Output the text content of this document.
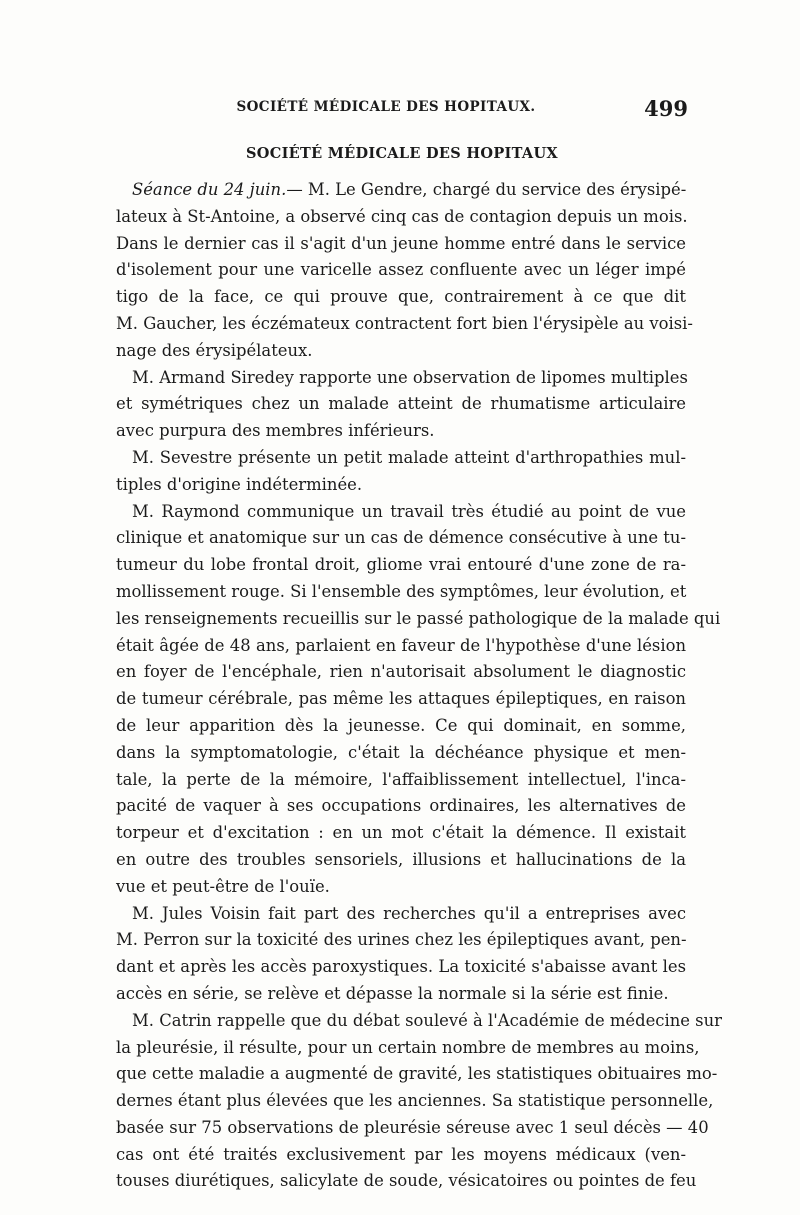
SOCIÉTÉ MÉDICALE DES HOPITAUX.	499
SOCIÉTÉ MÉDICALE DES HOPITAUX
Séance du 24 juin.— M. Le Gendre, chargé du service des érysipé-
lateux à St-Antoine, a observé cinq cas de contagion depuis un mois.
Dans le dernier cas il s'agit d'un jeune homme entré dans le service
d'isolement pour une varicelle assez confluente avec un léger impé
tigo de la face, ce qui prouve que, contrairement à ce que dit
M. Gaucher, les éczémateux contractent fort bien l'érysipèle au voisi-
nage des érysipélateux.
M. Armand Siredey rapporte une observation de lipomes multiples
et symétriques chez un malade atteint de rhumatisme articulaire
avec purpura des membres inférieurs.
M. Sevestre présente un petit malade atteint d'arthropathies mul-
tiples d'origine indéterminée.
M. Raymond communique un travail très étudié au point de vue
clinique et anatomique sur un cas de démence consécutive à une tu-
tumeur du lobe frontal droit, gliome vrai entouré d'une zone de ra-
mollissement rouge. Si l'ensemble des symptômes, leur évolution, et
les renseignements recueillis sur le passé pathologique de la malade qui
était âgée de 48 ans, parlaient en faveur de l'hypothèse d'une lésion
en foyer de l'encéphale, rien n'autorisait absolument le diagnostic
de tumeur cérébrale, pas même les attaques épileptiques, en raison
de leur apparition dès la jeunesse. Ce qui dominait, en somme,
dans la symptomatologie, c'était la déchéance physique et men-
tale, la perte de la mémoire, l'affaiblissement intellectuel, l'inca-
pacité de vaquer à ses occupations ordinaires, les alternatives de
torpeur et d'excitation : en un mot c'était la démence. Il existait
en outre des troubles sensoriels, illusions et hallucinations de la
vue et peut-être de l'ouïe.
M. Jules Voisin fait part des recherches qu'il a entreprises avec
M. Perron sur la toxicité des urines chez les épileptiques avant, pen-
dant et après les accès paroxystiques. La toxicité s'abaisse avant les
accès en série, se relève et dépasse la normale si la série est finie.
M. Catrin rappelle que du débat soulevé à l'Académie de médecine sur
la pleurésie, il résulte, pour un certain nombre de membres au moins,
que cette maladie a augmenté de gravité, les statistiques obituaires mo-
dernes étant plus élevées que les anciennes. Sa statistique personnelle,
basée sur 75 observations de pleurésie séreuse avec 1 seul décès — 40
cas ont été traités exclusivement par les moyens médicaux (ven-
touses diurétiques, salicylate de soude, vésicatoires ou pointes de feu
